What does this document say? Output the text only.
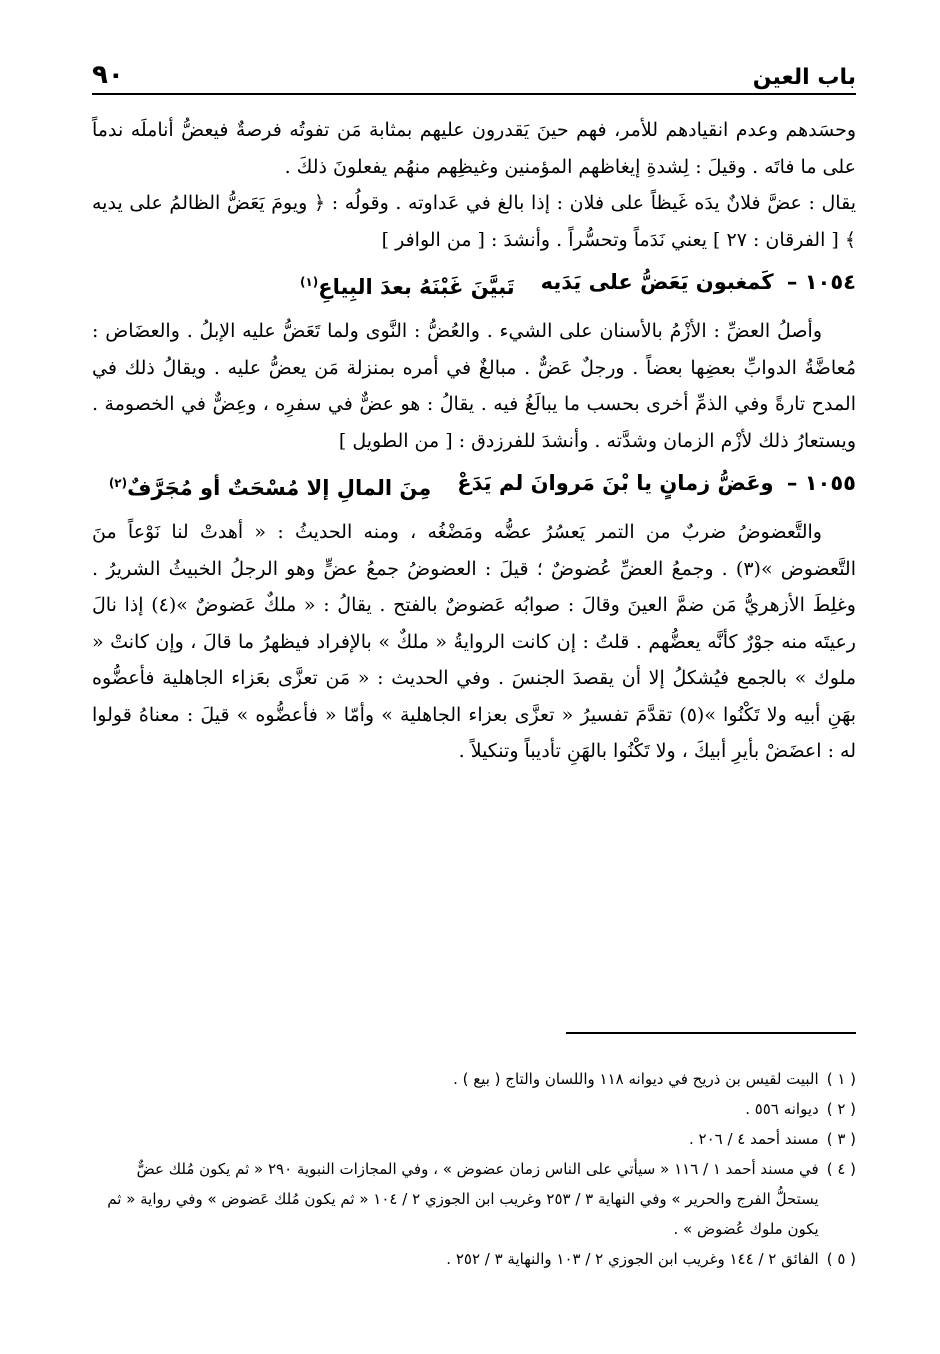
باب العين
٩٠

وحسَدهم وعدم انقيادهم للأمر، فهم حينَ يَقدرون عليهم بمثابة مَن تفوتُه فرصةٌ فيعضُّ أناملَه ندماً على ما فاتَه . وقيلَ : لِشدةِ إيغاظهم المؤمنين وغيظِهم منهُم يفعلونَ ذلكَ .

يقال : عضَّ فلانٌ يدَه غَيظاً على فلان : إذا بالغ في عَداوته . وقولُه : ﴿ ويومَ يَعَضُّ الظالمُ على يديه ﴾ [ الفرقان : ٢٧ ] يعني نَدَماً وتحسُّراً . وأنشدَ : [ من الوافر ]

١٠٥٤ – كَمغبون يَعَضُّ على يَدَيه
تَبيَّنَ غَبْنَهُ بعدَ البِياعِ$^{(١)}$

وأصلُ العضِّ : الأزْمُ بالأسنان على الشيء . والعُضُّ : النَّوى ولما تَعَضُّ عليه الإبلُ . والعضَاض : مُعاضَّةُ الدوابِّ بعضِها بعضاً . ورجلٌ عَضٌّ . مبالغٌ في أمره بمنزلة مَن يعضُّ عليه . ويقالُ ذلك في المدح تارةً وفي الذمِّ أخرى بحسب ما يبالَغُ فيه . يقالُ : هو عضٌّ في سفرِه ، وعِضٌّ في الخصومة . ويستعارُ ذلك لأزْم الزمان وشدَّته . وأنشدَ للفرزدق : [ من الطويل ]

١٠٥٥ – وعَضُّ زمانٍ يا بْنَ مَروانَ لم يَدَعْ
مِنَ المالِ إلا مُسْحَتٌ أو مُجَرَّفٌ$^{(٢)}$

والتَّعضوضُ ضربٌ من التمر يَعسُرُ عضُّه ومَضْغُه ، ومنه الحديثُ : « أهدتْ لنا نَوْعاً منَ التَّعضوض »(٣) . وجمعُ العضِّ عُضوضٌ ؛ قيلَ : العضوضُ جمعُ عضٍّ وهو الرجلُ الخبيثُ الشريرُ . وغلِطَ الأزهريُّ مَن ضمَّ العينَ وقالَ : صوابُه عَضوضٌ بالفتح . يقالُ : « ملكٌ عَضوضٌ »(٤) إذا نالَ رعيتَه منه جوْرٌ كأنَّه يعضُّهم . قلتُ : إن كانت الروايةُ « ملكٌ » بالإفراد فيظهرُ ما قالَ ، وإن كانتْ « ملوك » بالجمع فيُشكلُ إلا أن يقصدَ الجنسَ . وفي الحديث : « مَن تعزَّى بعَزاء الجاهلية فأعضُّوه بهَنِ أبيه ولا تَكْنُوا »(٥) تقدَّمَ تفسيرُ « تعزَّى بعزاء الجاهلية » وأمّا « فأعضُّوه » قيلَ : معناهُ قولوا له : اعضَضْ بأيرِ أبيكَ ، ولا تَكْنُوا بالهَنِ تأديباً وتنكيلاً .

( ١ )
البيت لقيس بن ذريح في ديوانه ١١٨ واللسان والتاج ( بيع ) .

( ٢ )
ديوانه ٥٥٦ .

( ٣ )
مسند أحمد ٤ / ٢٠٦ .

( ٤ )
في مسند أحمد ١ / ١١٦ « سيأتي على الناس زمان عضوض » ، وفي المجازات النبوية ٢٩٠ « ثم يكون مُلك عضٌّ يستحلُّ الفرج والحرير » وفي النهاية ٣ / ٢٥٣ وغريب ابن الجوزي ٢ / ١٠٤ « ثم يكون مُلك عَضوض » وفي رواية « ثم يكون ملوك عُضوض » .

( ٥ )
الفائق ٢ / ١٤٤ وغريب ابن الجوزي ٢ / ١٠٣ والنهاية ٣ / ٢٥٢ .
